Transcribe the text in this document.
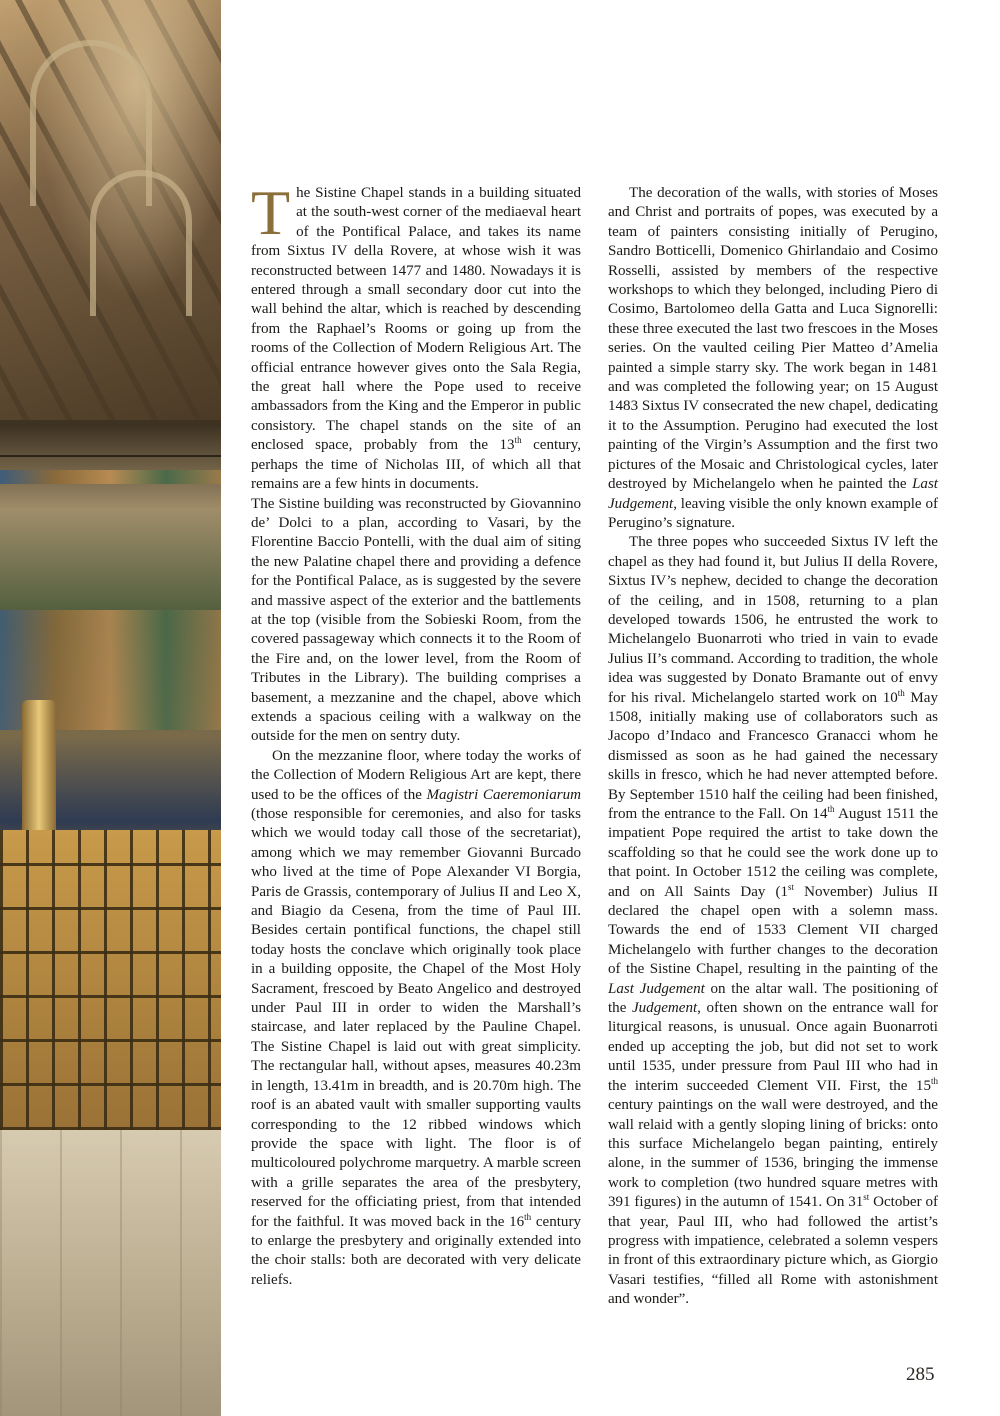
The Sistine Chapel stands in a building situated at the south-west corner of the mediaeval heart of the Pontifical Palace, and takes its name from Sixtus IV della Rovere, at whose wish it was reconstructed between 1477 and 1480. Nowadays it is entered through a small secondary door cut into the wall behind the altar, which is reached by descending from the Raphael’s Rooms or going up from the rooms of the Collection of Modern Religious Art. The official entrance however gives onto the Sala Regia, the great hall where the Pope used to receive ambassadors from the King and the Emperor in public consistory. The chapel stands on the site of an enclosed space, probably from the 13th century, perhaps the time of Nicholas III, of which all that remains are a few hints in documents.

The Sistine building was reconstructed by Giovannino de’ Dolci to a plan, according to Vasari, by the Florentine Baccio Pontelli, with the dual aim of siting the new Palatine chapel there and providing a defence for the Pontifical Palace, as is suggested by the severe and massive aspect of the exterior and the battlements at the top (visible from the Sobieski Room, from the covered passageway which connects it to the Room of the Fire and, on the lower level, from the Room of Tributes in the Library). The building comprises a basement, a mezzanine and the chapel, above which extends a spacious ceiling with a walkway on the outside for the men on sentry duty.

On the mezzanine floor, where today the works of the Collection of Modern Religious Art are kept, there used to be the offices of the Magistri Caeremoniarum (those responsible for ceremonies, and also for tasks which we would today call those of the secretariat), among which we may remember Giovanni Burcado who lived at the time of Pope Alexander VI Borgia, Paris de Grassis, contemporary of Julius II and Leo X, and Biagio da Cesena, from the time of Paul III. Besides certain pontifical functions, the chapel still today hosts the conclave which originally took place in a building opposite, the Chapel of the Most Holy Sacrament, frescoed by Beato Angelico and destroyed under Paul III in order to widen the Marshall’s staircase, and later replaced by the Pauline Chapel. The Sistine Chapel is laid out with great simplicity. The rectangular hall, without apses, measures 40.23m in length, 13.41m in breadth, and is 20.70m high. The roof is an abated vault with smaller supporting vaults corresponding to the 12 ribbed windows which provide the space with light. The floor is of multicoloured polychrome marquetry. A marble screen with a grille separates the area of the presbytery, reserved for the officiating priest, from that intended for the faithful. It was moved back in the 16th century to enlarge the presbytery and originally extended into the choir stalls: both are decorated with very delicate reliefs.

The decoration of the walls, with stories of Moses and Christ and portraits of popes, was executed by a team of painters consisting initially of Perugino, Sandro Botticelli, Domenico Ghirlandaio and Cosimo Rosselli, assisted by members of the respective workshops to which they belonged, including Piero di Cosimo, Bartolomeo della Gatta and Luca Signorelli: these three executed the last two frescoes in the Moses series. On the vaulted ceiling Pier Matteo d’Amelia painted a simple starry sky. The work began in 1481 and was completed the following year; on 15 August 1483 Sixtus IV consecrated the new chapel, dedicating it to the Assumption. Perugino had executed the lost painting of the Virgin’s Assumption and the first two pictures of the Mosaic and Christological cycles, later destroyed by Michelangelo when he painted the Last Judgement, leaving visible the only known example of Perugino’s signature.

The three popes who succeeded Sixtus IV left the chapel as they had found it, but Julius II della Rovere, Sixtus IV’s nephew, decided to change the decoration of the ceiling, and in 1508, returning to a plan developed towards 1506, he entrusted the work to Michelangelo Buonarroti who tried in vain to evade Julius II’s command. According to tradition, the whole idea was suggested by Donato Bramante out of envy for his rival. Michelangelo started work on 10th May 1508, initially making use of collaborators such as Jacopo d’Indaco and Francesco Granacci whom he dismissed as soon as he had gained the necessary skills in fresco, which he had never attempted before. By September 1510 half the ceiling had been finished, from the entrance to the Fall. On 14th August 1511 the impatient Pope required the artist to take down the scaffolding so that he could see the work done up to that point. In October 1512 the ceiling was complete, and on All Saints Day (1st November) Julius II declared the chapel open with a solemn mass. Towards the end of 1533 Clement VII charged Michelangelo with further changes to the decoration of the Sistine Chapel, resulting in the painting of the Last Judgement on the altar wall. The positioning of the Judgement, often shown on the entrance wall for liturgical reasons, is unusual. Once again Buonarroti ended up accepting the job, but did not set to work until 1535, under pressure from Paul III who had in the interim succeeded Clement VII. First, the 15th century paintings on the wall were destroyed, and the wall relaid with a gently sloping lining of bricks: onto this surface Michelangelo began painting, entirely alone, in the summer of 1536, bringing the immense work to completion (two hundred square metres with 391 figures) in the autumn of 1541. On 31st October of that year, Paul III, who had followed the artist’s progress with impatience, celebrated a solemn vespers in front of this extraordinary picture which, as Giorgio Vasari testifies, “filled all Rome with astonishment and wonder”.

285
